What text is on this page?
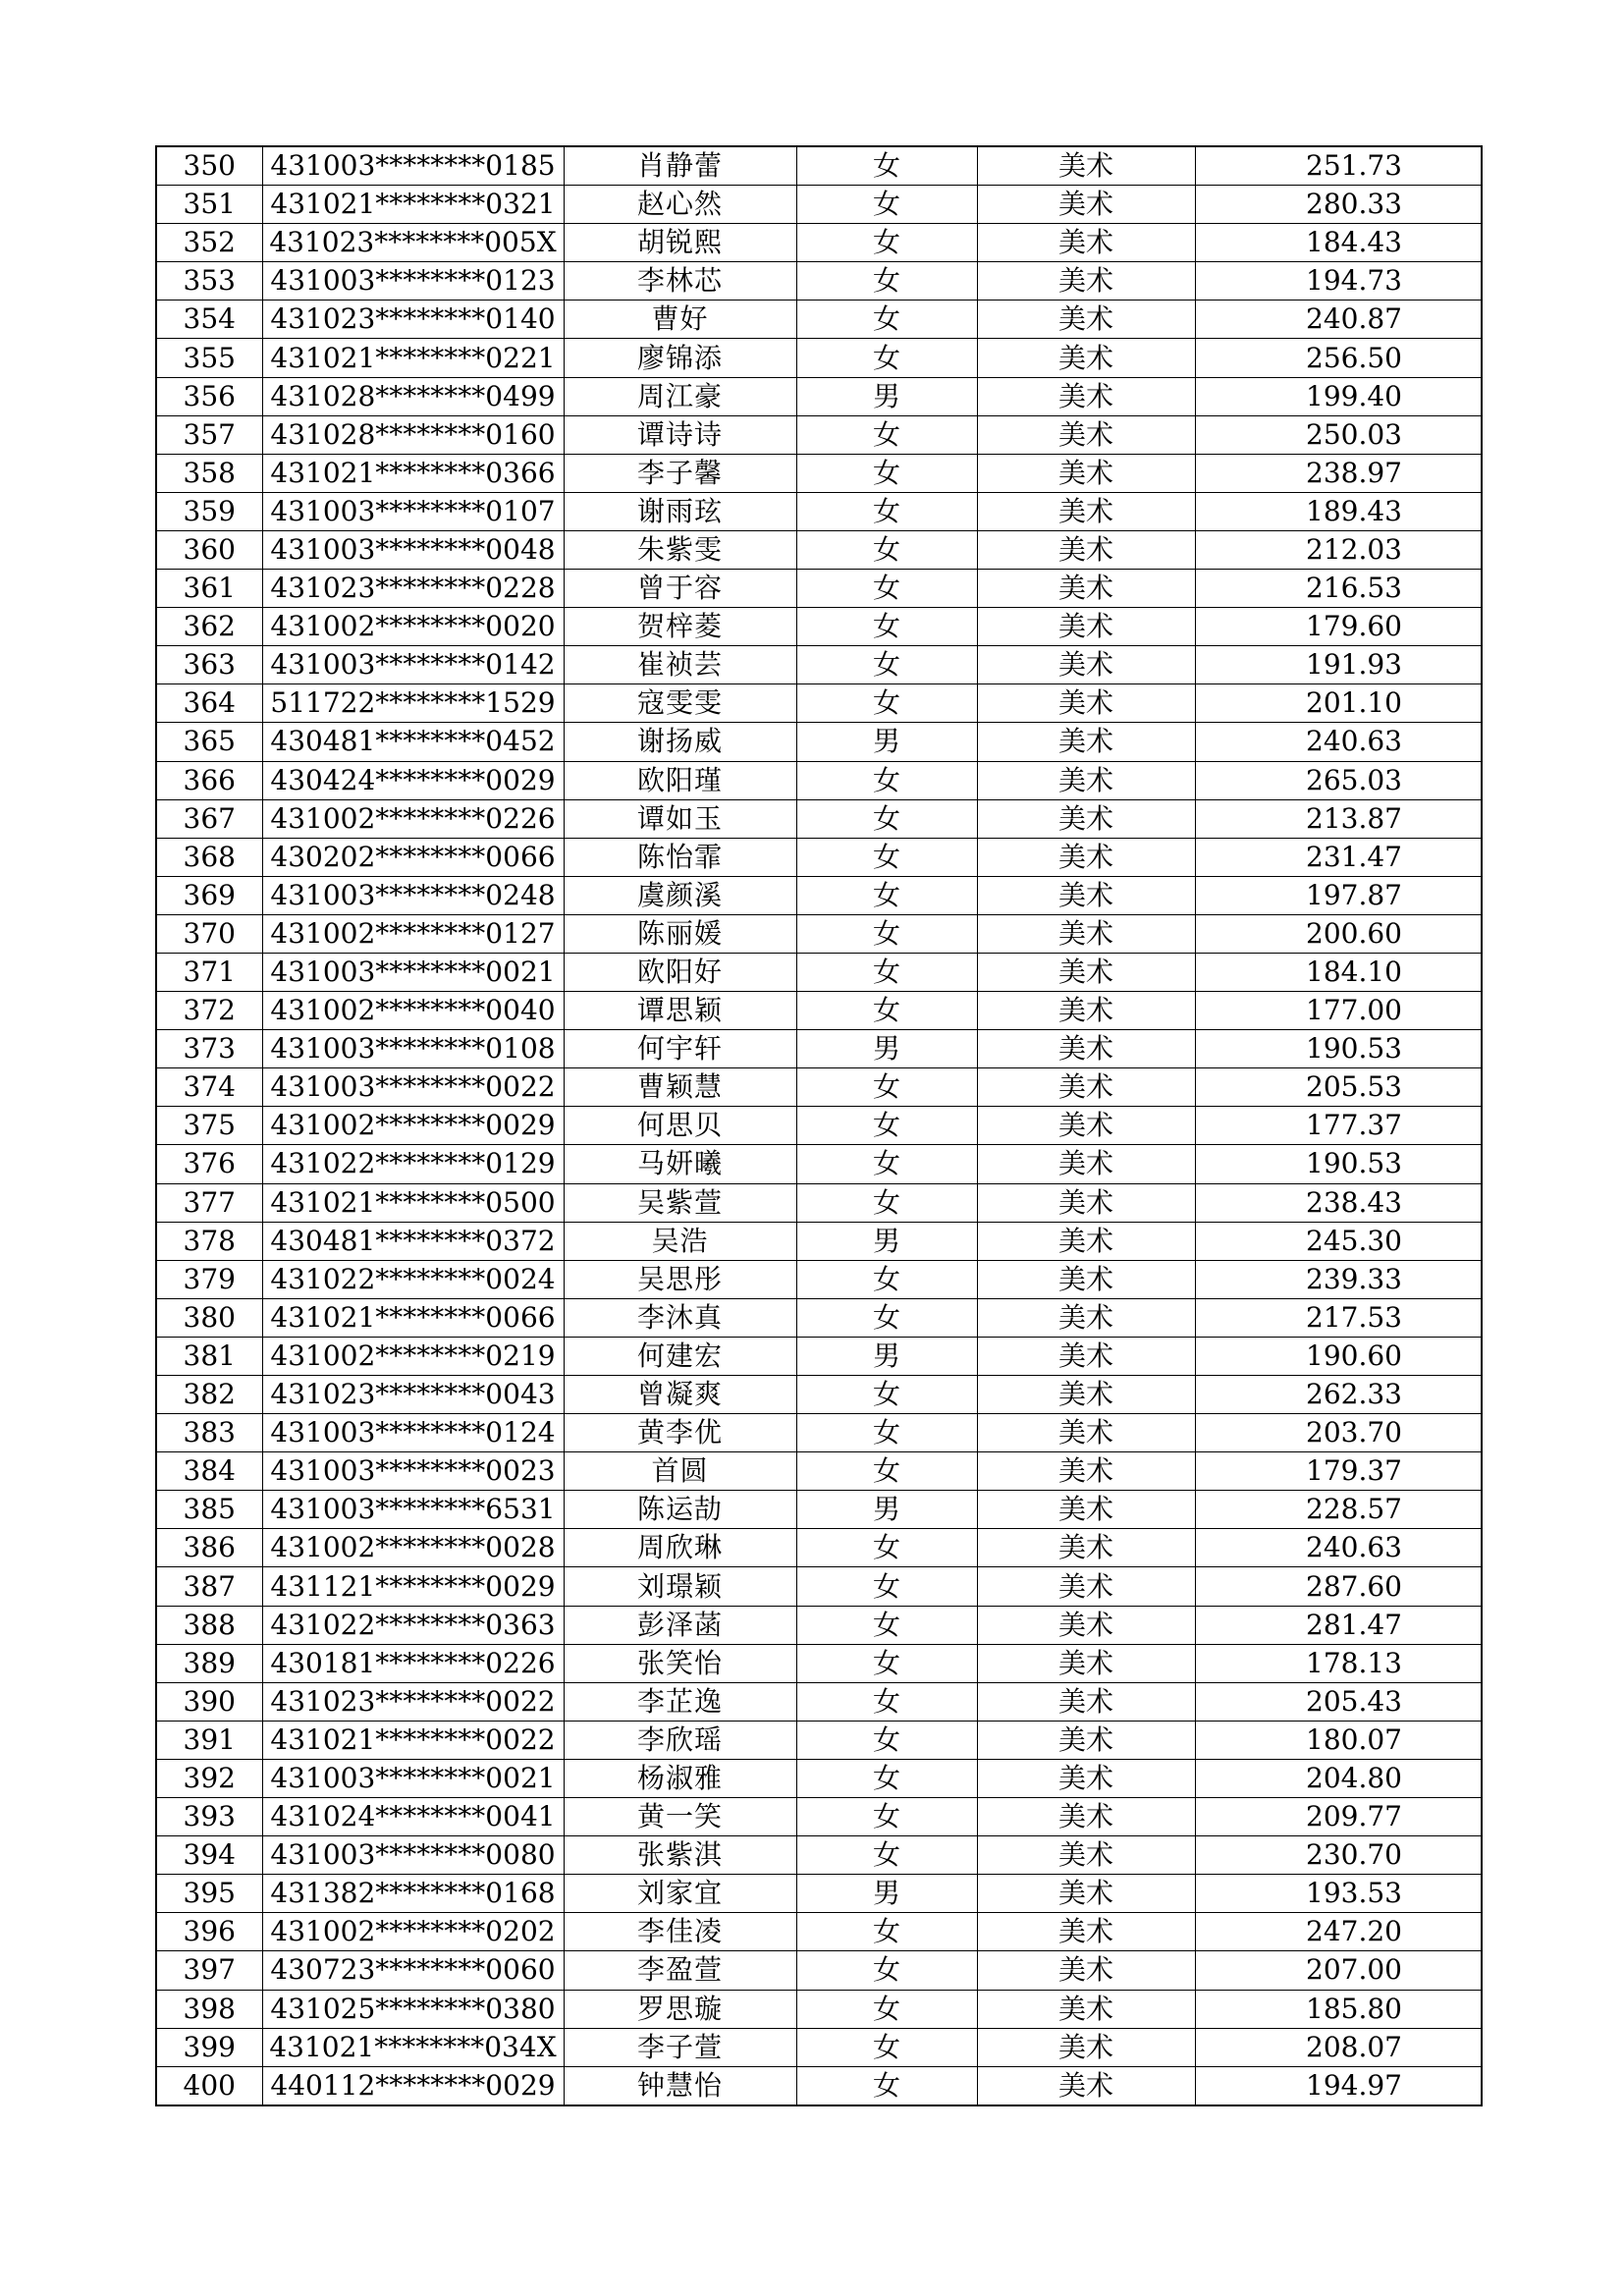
350	431003********0185	肖静蕾	女	美术	251.73
351	431021********0321	赵心然	女	美术	280.33
352	431023********005X	胡锐熙	女	美术	184.43
353	431003********0123	李林芯	女	美术	194.73
354	431023********0140	曹好	女	美术	240.87
355	431021********0221	廖锦添	女	美术	256.50
356	431028********0499	周江豪	男	美术	199.40
357	431028********0160	谭诗诗	女	美术	250.03
358	431021********0366	李子馨	女	美术	238.97
359	431003********0107	谢雨玹	女	美术	189.43
360	431003********0048	朱紫雯	女	美术	212.03
361	431023********0228	曾于容	女	美术	216.53
362	431002********0020	贺梓菱	女	美术	179.60
363	431003********0142	崔祯芸	女	美术	191.93
364	511722********1529	寇雯雯	女	美术	201.10
365	430481********0452	谢扬威	男	美术	240.63
366	430424********0029	欧阳瑾	女	美术	265.03
367	431002********0226	谭如玉	女	美术	213.87
368	430202********0066	陈怡霏	女	美术	231.47
369	431003********0248	虞颜溪	女	美术	197.87
370	431002********0127	陈丽媛	女	美术	200.60
371	431003********0021	欧阳好	女	美术	184.10
372	431002********0040	谭思颖	女	美术	177.00
373	431003********0108	何宇轩	男	美术	190.53
374	431003********0022	曹颖慧	女	美术	205.53
375	431002********0029	何思贝	女	美术	177.37
376	431022********0129	马妍曦	女	美术	190.53
377	431021********0500	吴紫萱	女	美术	238.43
378	430481********0372	吴浩	男	美术	245.30
379	431022********0024	吴思彤	女	美术	239.33
380	431021********0066	李沐真	女	美术	217.53
381	431002********0219	何建宏	男	美术	190.60
382	431023********0043	曾凝爽	女	美术	262.33
383	431003********0124	黄李优	女	美术	203.70
384	431003********0023	首圆	女	美术	179.37
385	431003********6531	陈运劼	男	美术	228.57
386	431002********0028	周欣琳	女	美术	240.63
387	431121********0029	刘璟颖	女	美术	287.60
388	431022********0363	彭泽菡	女	美术	281.47
389	430181********0226	张笑怡	女	美术	178.13
390	431023********0022	李芷逸	女	美术	205.43
391	431021********0022	李欣瑶	女	美术	180.07
392	431003********0021	杨淑雅	女	美术	204.80
393	431024********0041	黄一笑	女	美术	209.77
394	431003********0080	张紫淇	女	美术	230.70
395	431382********0168	刘家宜	男	美术	193.53
396	431002********0202	李佳凌	女	美术	247.20
397	430723********0060	李盈萱	女	美术	207.00
398	431025********0380	罗思璇	女	美术	185.80
399	431021********034X	李子萱	女	美术	208.07
400	440112********0029	钟慧怡	女	美术	194.97
